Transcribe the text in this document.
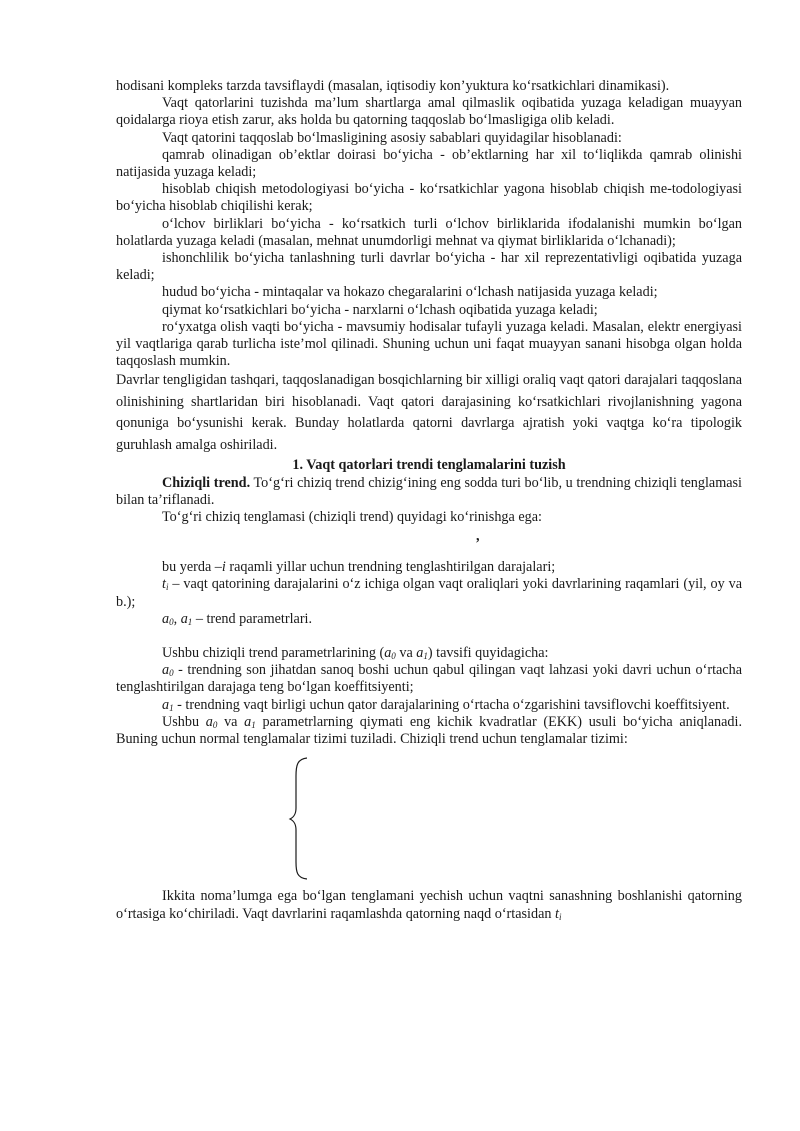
hodisani kompleks tarzda tavsiflaydi (masalan, iqtisodiy kon’yuktura ko‘rsatkichlari dinamikasi).

Vaqt qatorlarini tuzishda ma’lum shartlarga amal qilmaslik oqibatida yuzaga keladigan muayyan qoidalarga rioya etish zarur, aks holda bu qatorning taqqoslab bo‘lmasligiga olib keladi.

Vaqt qatorini taqqoslab bo‘lmasligining asosiy sabablari quyidagilar hisoblanadi:

qamrab olinadigan ob’ektlar doirasi bo‘yicha - ob’ektlarning har xil to‘liqlikda qamrab olinishi natijasida yuzaga keladi;

hisoblab chiqish metodologiyasi bo‘yicha - ko‘rsatkichlar yagona hisoblab chiqish me-todologiyasi bo‘yicha hisoblab chiqilishi kerak;

o‘lchov birliklari bo‘yicha - ko‘rsatkich turli o‘lchov birliklarida ifodalanishi mumkin bo‘lgan holatlarda yuzaga keladi (masalan, mehnat unumdorligi mehnat va qiymat birliklarida o‘lchanadi);

ishonchlilik bo‘yicha tanlashning turli davrlar bo‘yicha - har xil reprezentativligi oqibatida yuzaga keladi;

hudud bo‘yicha - mintaqalar va hokazo chegaralarini o‘lchash natijasida yuzaga keladi;

qiymat ko‘rsatkichlari bo‘yicha - narxlarni o‘lchash oqibatida yuzaga keladi;

ro‘yxatga olish vaqti bo‘yicha - mavsumiy hodisalar tufayli yuzaga keladi. Masalan, elektr energiyasi yil vaqtlariga qarab turlicha iste’mol qilinadi. Shuning uchun uni faqat muayyan sanani hisobga olgan holda taqqoslash mumkin.

Davrlar tengligidan tashqari, taqqoslanadigan bosqichlarning bir xilligi oraliq vaqt qatori darajalari taqqoslana olinishining shartlaridan biri hisoblanadi. Vaqt qatori darajasining ko‘rsatkichlari rivojlanishning yagona qonuniga bo‘ysunishi kerak. Bunday holatlarda qatorni davrlarga ajratish yoki vaqtga ko‘ra tipologik guruhlash amalga oshiriladi.

1. Vaqt qatorlari trendi tenglamalarini tuzish

Chiziqli trend. To‘g‘ri chiziq trend chizig‘ining eng sodda turi bo‘lib, u trendning chiziqli tenglamasi bilan ta’riflanadi.

To‘g‘ri chiziq tenglamasi (chiziqli trend) quyidagi ko‘rinishga ega:

,

bu yerda –i raqamli yillar uchun trendning tenglashtirilgan darajalari;

$t_i$ – vaqt qatorining darajalarini o‘z ichiga olgan vaqt oraliqlari yoki davrlarining raqamlari (yil, oy va b.);

$a_0$, $a_1$ – trend parametrlari.

Ushbu chiziqli trend parametrlarining ($a_0$ va $a_1$) tavsifi quyidagicha:

$a_0$ - trendning son jihatdan sanoq boshi uchun qabul qilingan vaqt lahzasi yoki davri uchun o‘rtacha tenglashtirilgan darajaga teng bo‘lgan koeffitsiyenti;

$a_1$ - trendning vaqt birligi uchun qator darajalarining o‘rtacha o‘zgarishini tavsiflovchi koeffitsiyent.

Ushbu $a_0$ va $a_1$ parametrlarning qiymati eng kichik kvadratlar (EKK) usuli bo‘yicha aniqlanadi. Buning uchun normal tenglamalar tizimi tuziladi. Chiziqli trend uchun tenglamalar tizimi:

Ikkita noma’lumga ega bo‘lgan tenglamani yechish uchun vaqtni sanashning boshlanishi qatorning o‘rtasiga ko‘chiriladi. Vaqt davrlarini raqamlashda qatorning naqd o‘rtasidan $t_i$
